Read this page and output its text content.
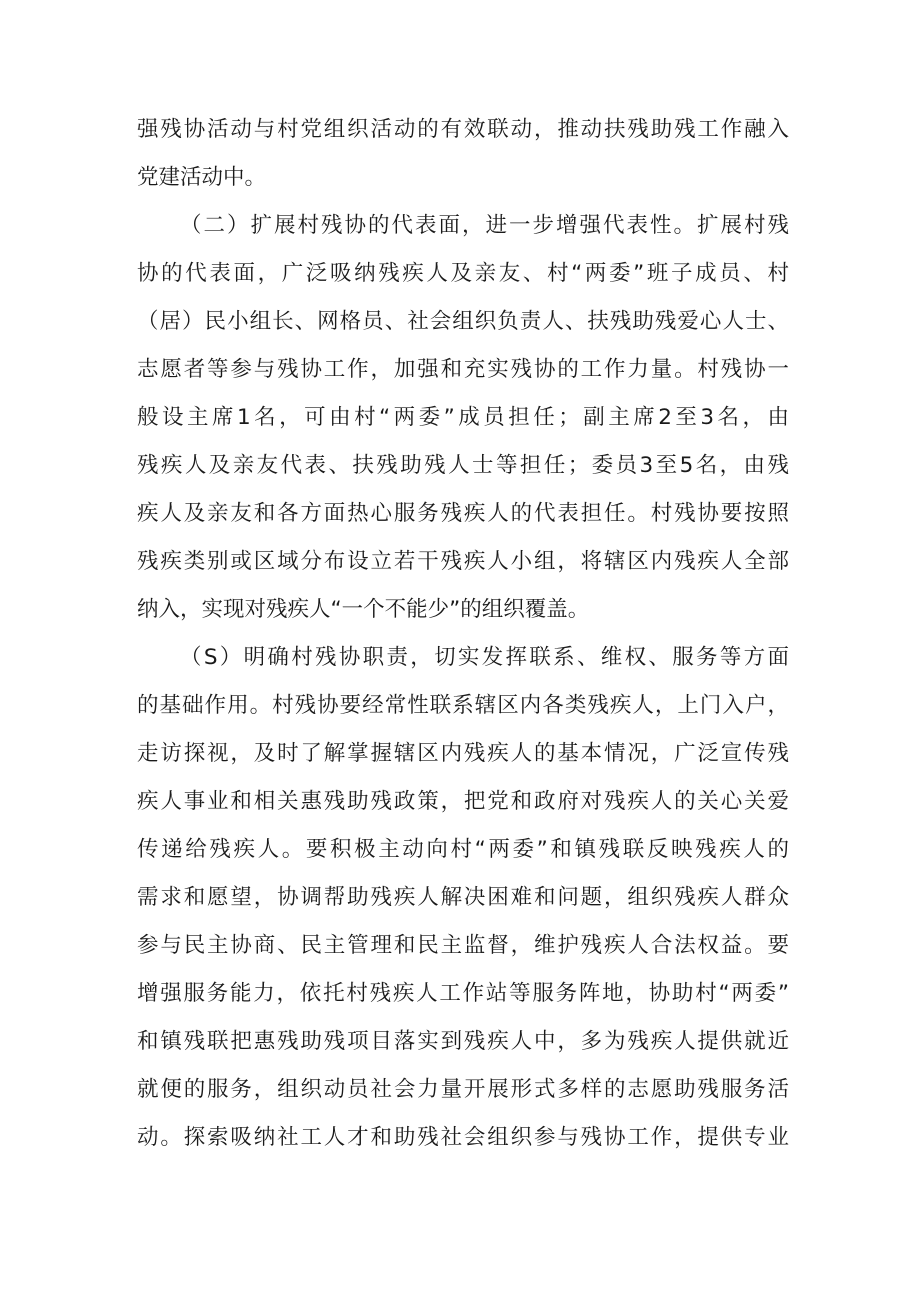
强残协活动与村党组织活动的有效联动，推动扶残助残工作融入
党建活动中。
（二）扩展村残协的代表面，进一步增强代表性。扩展村残
协的代表面，广泛吸纳残疾人及亲友、村“两委”班子成员、村
（居）民小组长、网格员、社会组织负责人、扶残助残爱心人士、
志愿者等参与残协工作，加强和充实残协的工作力量。村残协一
般设主席1名，可由村“两委”成员担任；副主席2至3名，由
残疾人及亲友代表、扶残助残人士等担任；委员3至5名，由残
疾人及亲友和各方面热心服务残疾人的代表担任。村残协要按照
残疾类别或区域分布设立若干残疾人小组，将辖区内残疾人全部
纳入，实现对残疾人“一个不能少”的组织覆盖。
（S）明确村残协职责，切实发挥联系、维权、服务等方面
的基础作用。村残协要经常性联系辖区内各类残疾人，上门入户，
走访探视，及时了解掌握辖区内残疾人的基本情况，广泛宣传残
疾人事业和相关惠残助残政策，把党和政府对残疾人的关心关爱
传递给残疾人。要积极主动向村“两委”和镇残联反映残疾人的
需求和愿望，协调帮助残疾人解决困难和问题，组织残疾人群众
参与民主协商、民主管理和民主监督，维护残疾人合法权益。要
增强服务能力，依托村残疾人工作站等服务阵地，协助村“两委”
和镇残联把惠残助残项目落实到残疾人中，多为残疾人提供就近
就便的服务，组织动员社会力量开展形式多样的志愿助残服务活
动。探索吸纳社工人才和助残社会组织参与残协工作，提供专业
